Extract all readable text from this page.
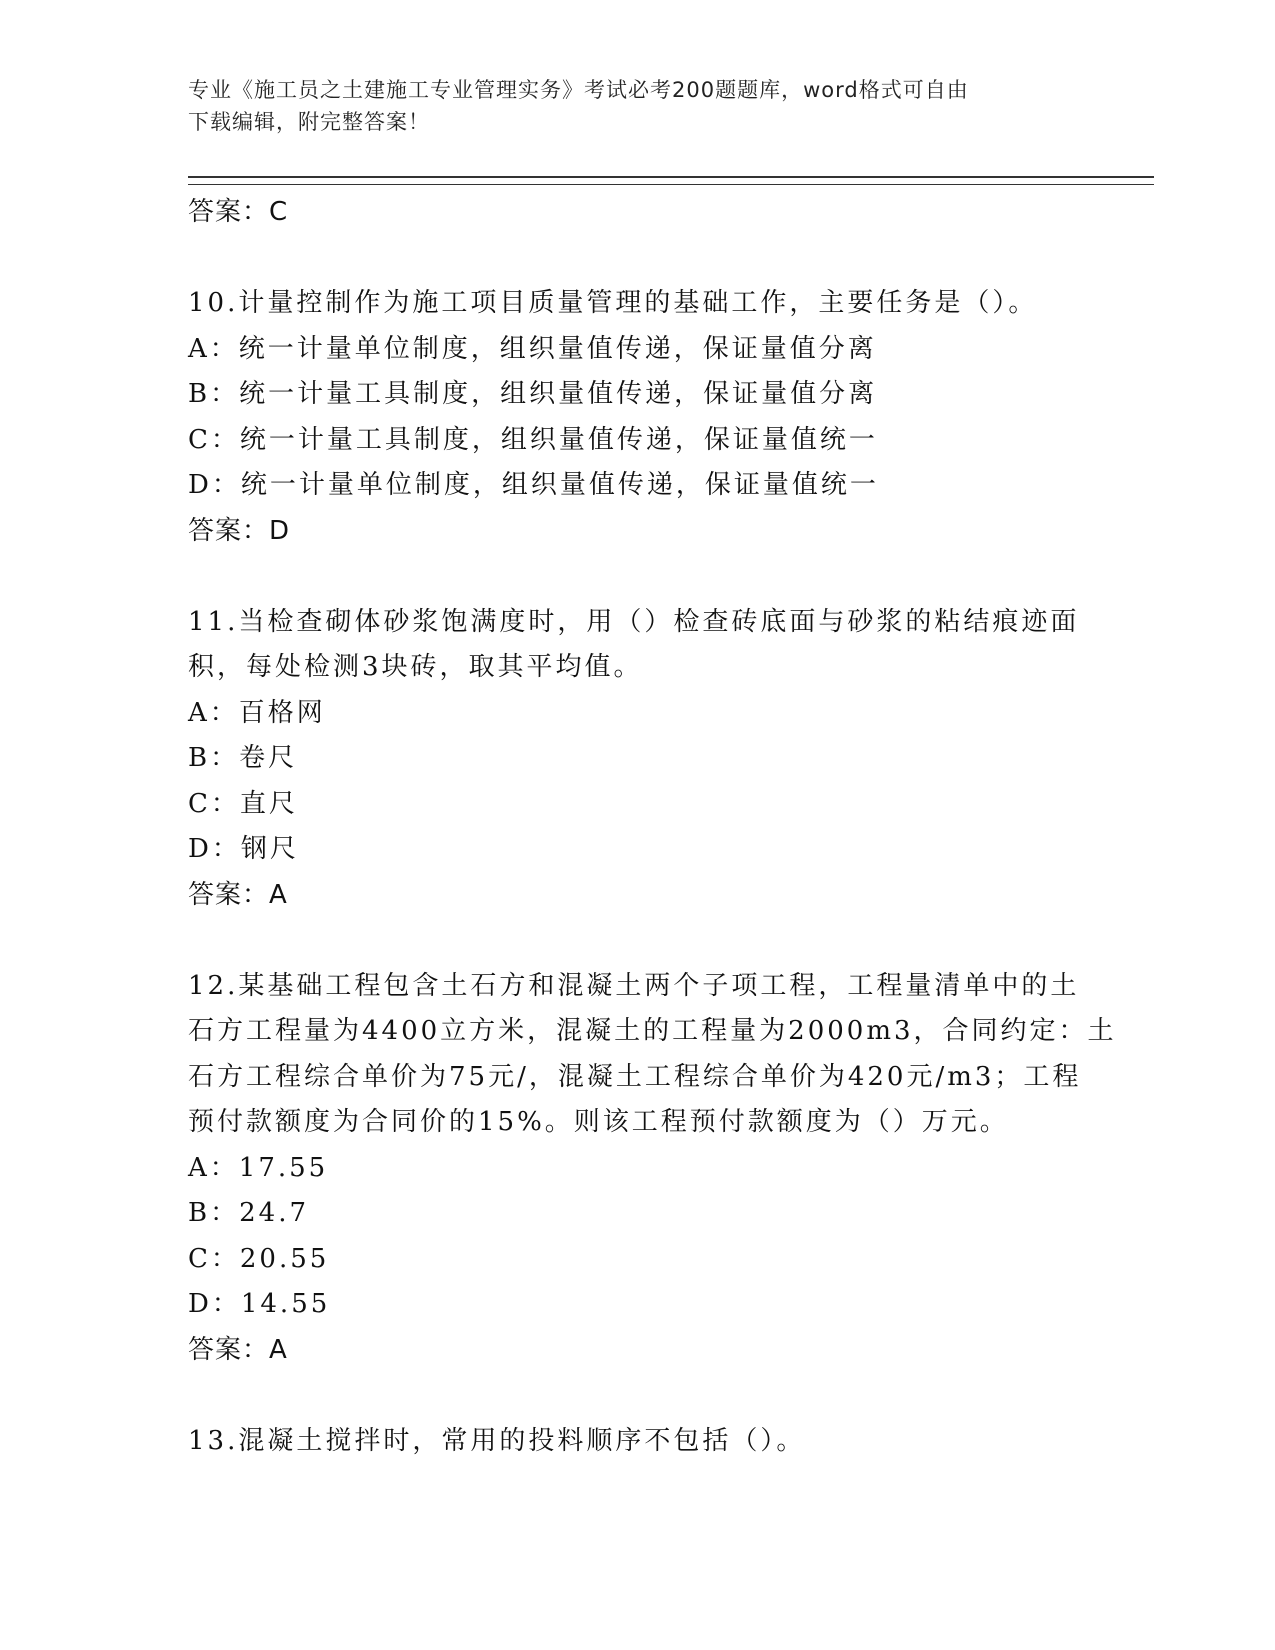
专业《施工员之土建施工专业管理实务》考试必考200题题库，word格式可自由
下载编辑，附完整答案！
答案：C
10.计量控制作为施工项目质量管理的基础工作，主要任务是（）。
A：统一计量单位制度，组织量值传递，保证量值分离
B：统一计量工具制度，组织量值传递，保证量值分离
C：统一计量工具制度，组织量值传递，保证量值统一
D：统一计量单位制度，组织量值传递，保证量值统一
答案：D
11.当检查砌体砂浆饱满度时，用（）检查砖底面与砂浆的粘结痕迹面
积，每处检测3块砖，取其平均值。
A：百格网
B：卷尺
C：直尺
D：钢尺
答案：A
12.某基础工程包含土石方和混凝土两个子项工程，工程量清单中的土
石方工程量为4400立方米，混凝土的工程量为2000m3，合同约定：土
石方工程综合单价为75元/，混凝土工程综合单价为420元/m3；工程
预付款额度为合同价的15%。则该工程预付款额度为（）万元。
A：17.55
B：24.7
C：20.55
D：14.55
答案：A
13.混凝土搅拌时，常用的投料顺序不包括（）。
